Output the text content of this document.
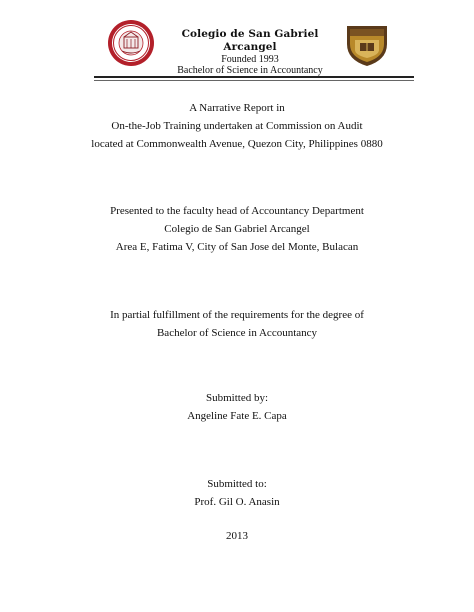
Colegio de San Gabriel Arcangel
Founded 1993
Bachelor of Science in Accountancy
A Narrative Report in
On-the-Job Training undertaken at Commission on Audit
located at Commonwealth Avenue, Quezon City, Philippines 0880
Presented to the faculty head of Accountancy Department
Colegio de San Gabriel Arcangel
Area E, Fatima V, City of San Jose del Monte, Bulacan
In partial fulfillment of the requirements for the degree of
Bachelor of Science in Accountancy
Submitted by:
Angeline Fate E. Capa
Submitted to:
Prof. Gil O. Anasin
2013
